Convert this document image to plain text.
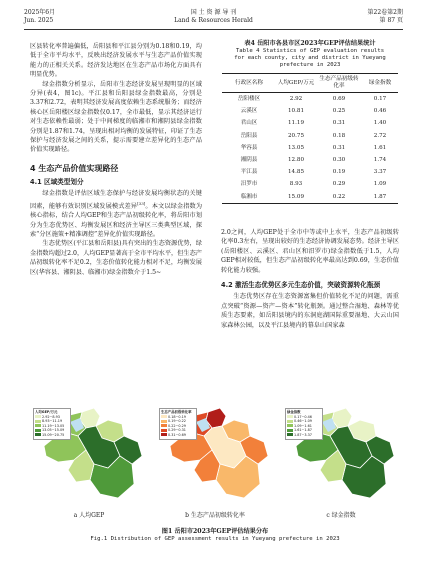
2025年6月
Jun. 2025
国 土 资 源 导 刊
Land & Resources Herald
第22卷第2期
第 87 页

区县转化率普遍偏低，岳阳县和平江县分别为0.18和0.19，均低于全市平均水平，反映出经济发展水平与生态产品价值实现能力的正相关关系。经济发达地区在生态产品市场化方面具有明显优势。

绿金指数分析显示，岳阳市生态经济发展呈现明显的区域分异(表4，图1c)。平江县和岳阳县绿金指数最高，分别是3.37和2.72，表明其经济发展高度依赖生态系统服务；而经济核心区岳阳楼区绿金指数仅0.17，全市最低，显示其经济运行对生态依赖性最弱；处于中间梯度的临湘市和湘阴县绿金指数分别是1.87和1.74，呈现出相对均衡的发展特征，印证了生态保护与经济发展之间的关系，提示需要建立差异化的生态产品价值实现路径。

4 生态产品价值实现路径
4.1 区域类型划分

绿金指数是评估区域生态保护与经济发展均衡状态的关键因素，能够有效识别区域发展模式差异[33]。本文以绿金指数为核心指标，结合人均GEP和生态产品初级转化率，将岳阳市划分为生态优势区、均衡发展区和经济主导区三类典型区域，探索“分区施策+精准调控”差异化价值实现路径。

生态优势区(平江县和岳阳县)具有突出的生态资源优势，绿金指数均超过2.0，人均GEP显著高于全市平均水平，但生态产品初级转化率不足0.2，生态价值转化能力相对不足，均衡发展区(华容县、湘阴县、临湘市)绿金指数介于1.5~

表4 岳阳市各县市区2023年GEP评估结果统计
Table 4 Statistics of GEP evaluation results
for each county, city and district in Yueyang
prefecture in 2023
行政区名称	人均GEP/万元	生态产品初级转化率	绿金指数
岳阳楼区	2.92	0.69	0.17
云溪区	10.81	0.25	0.46
君山区	11.19	0.31	1.40
岳阳县	20.75	0.18	2.72
华容县	13.05	0.31	1.61
湘阴县	12.80	0.30	1.74
平江县	14.85	0.19	3.37
汨罗市	8.93	0.29	1.09
临湘市	15.09	0.22	1.87

2.0之间，人均GEP处于全市中等或中上水平，生态产品初级转化率0.3左右，呈现出较好的生态经济协调发展态势。经济主导区(岳阳楼区、云溪区、君山区和汨罗市)绿金指数低于1.5，人均GEP相对较低，但生态产品初级转化率最高达到0.69，生态价值转化能力较强。

4.2 激活生态优势区多元生态价值，突破资源转化瓶颈

生态优势区存在生态资源富集但价值转化不足的问题，需重点突破“资源—资产—资本”转化瓶颈。通过整合湿地、森林等优质生态要素，如岳阳县境内的东洞庭湖国际重要湿地、大云山国家森林公园，以及平江县境内的幕阜山国家森

人均GEP/万元
2.92~8.93
8.93~11.19
11.19~13.05
13.05~15.09
15.09~20.75
生态产品初级转化率
0.18~0.19
0.19~0.22
0.22~0.29
0.29~0.31
0.31~0.69
绿金指数
0.17~0.46
0.46~1.09
1.09~1.61
1.61~1.87
1.87~3.37
a 人均GEP	b 生态产品初级转化率	c 绿金指数
图1 岳阳市2023年GEP评估结果分布
Fig.1 Distribution of GEP assessment results in Yueyang prefecture in 2023
